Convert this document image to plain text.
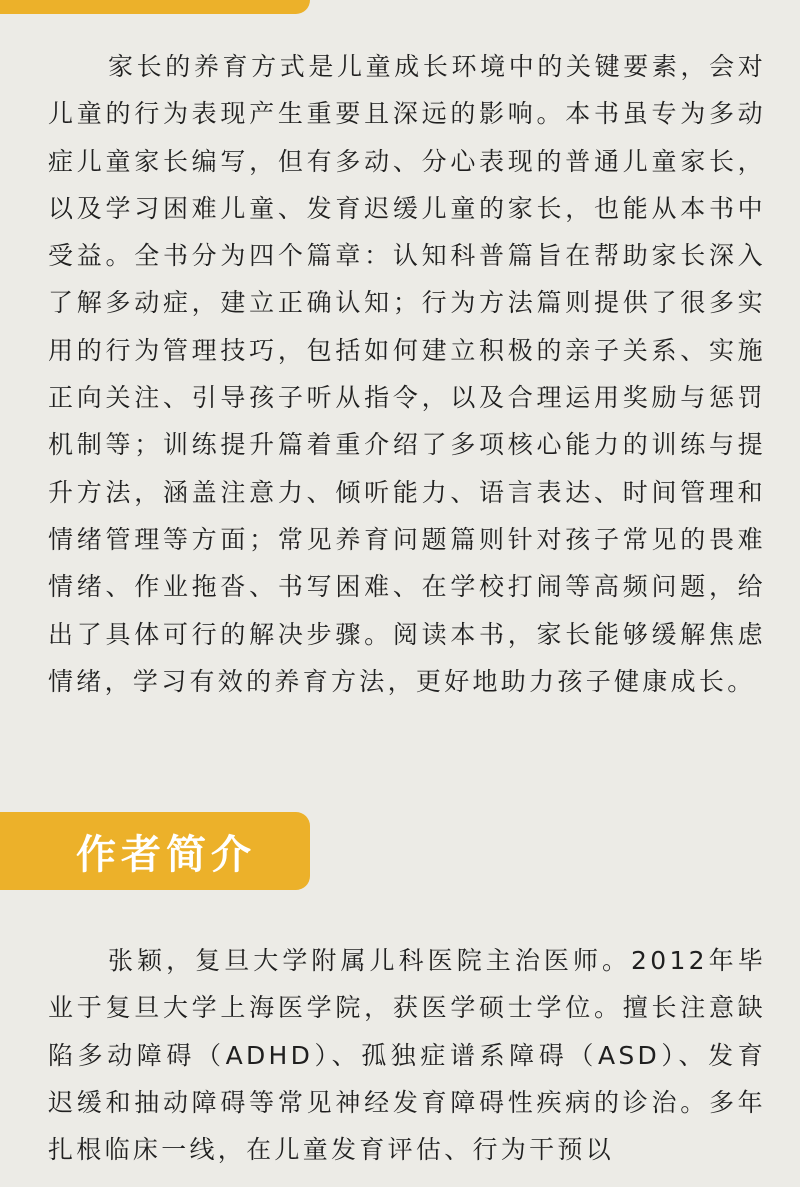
家长的养育方式是儿童成长环境中的关键要素，会对儿童的行为表现产生重要且深远的影响。本书虽专为多动症儿童家长编写，但有多动、分心表现的普通儿童家长，以及学习困难儿童、发育迟缓儿童的家长，也能从本书中受益。全书分为四个篇章：认知科普篇旨在帮助家长深入了解多动症，建立正确认知；行为方法篇则提供了很多实用的行为管理技巧，包括如何建立积极的亲子关系、实施正向关注、引导孩子听从指令，以及合理运用奖励与惩罚机制等；训练提升篇着重介绍了多项核心能力的训练与提升方法，涵盖注意力、倾听能力、语言表达、时间管理和情绪管理等方面；常见养育问题篇则针对孩子常见的畏难情绪、作业拖沓、书写困难、在学校打闹等高频问题，给出了具体可行的解决步骤。阅读本书，家长能够缓解焦虑情绪，学习有效的养育方法，更好地助力孩子健康成长。

作者简介

张颖，复旦大学附属儿科医院主治医师。2012年毕业于复旦大学上海医学院，获医学硕士学位。擅长注意缺陷多动障碍（ADHD）、孤独症谱系障碍（ASD）、发育迟缓和抽动障碍等常见神经发育障碍性疾病的诊治。多年扎根临床一线，在儿童发育评估、行为干预以
